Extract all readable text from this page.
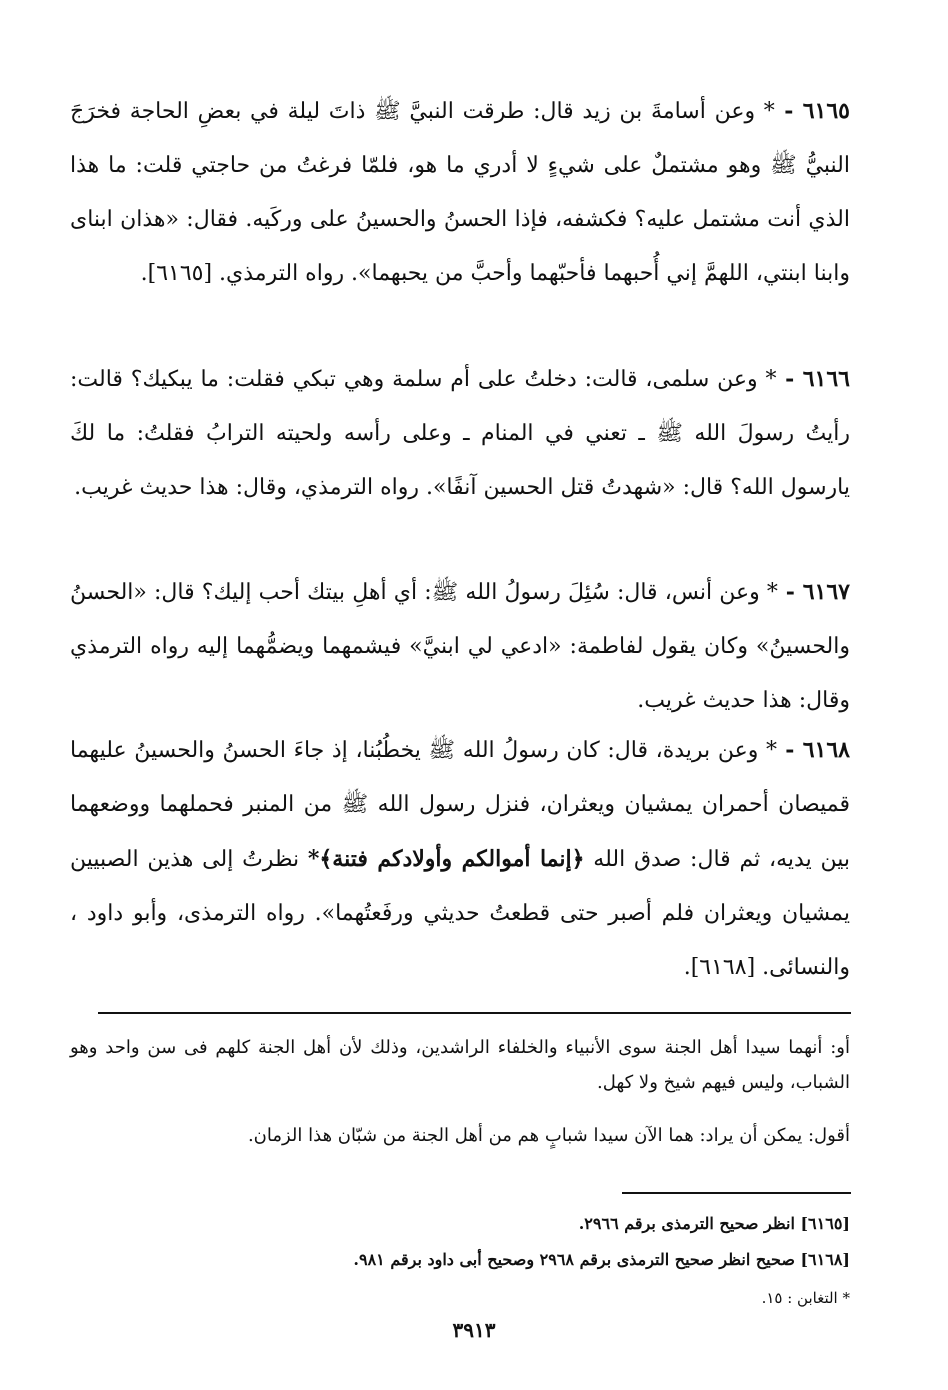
٦١٦٥ - * وعن أسامةَ بن زيد قال: طرقت النبيَّ ﷺ ذاتَ ليلة في بعضِ الحاجة فخرَجَ النبيُّ ﷺ وهو مشتملٌ على شيءٍ لا أدري ما هو، فلمّا فرغتُ من حاجتي قلت: ما هذا الذي أنت مشتمل عليه؟ فكشفه، فإذا الحسنُ والحسينُ على وركَيه. فقال: «هذان ابناى وابنا ابنتي، اللهمَّ إني أُحبهما فأحبّهما وأحبَّ من يحبهما». رواه الترمذي. [٦١٦٥].

٦١٦٦ - * وعن سلمى، قالت: دخلتُ على أم سلمة وهي تبكي فقلت: ما يبكيك؟ قالت: رأيتُ رسولَ الله ﷺ ـ تعني في المنام ـ وعلى رأسه ولحيته الترابُ فقلتُ: ما لكَ يارسول الله؟ قال: «شهدتُ قتل الحسين آنفًا». رواه الترمذي، وقال: هذا حديث غريب.

٦١٦٧ - * وعن أنس، قال: سُئِلَ رسولُ الله ﷺ: أي أهلِ بيتك أحب إليك؟ قال: «الحسنُ والحسينُ» وكان يقول لفاطمة: «ادعي لي ابنيَّ» فيشمهما ويضمُّهما إليه رواه الترمذي وقال: هذا حديث غريب.

٦١٦٨ - * وعن بريدة، قال: كان رسولُ الله ﷺ يخطُبُنا، إذ جاءَ الحسنُ والحسينُ عليهما قميصان أحمران يمشيان ويعثران، فنزل رسول الله ﷺ من المنبر فحملهما ووضعهما بين يديه، ثم قال: صدق الله ﴿إنما أموالكم وأولادكم فتنة﴾* نظرتُ إلى هذين الصبيين يمشيان ويعثران فلم أصبر حتى قطعتُ حديثي ورفَعتُهما». رواه الترمذى، وأبو داود ، والنسائى. [٦١٦٨].

أو: أنهما سيدا أهل الجنة سوى الأنبياء والخلفاء الراشدين، وذلك لأن أهل الجنة كلهم فى سن واحد وهو الشباب، وليس فيهم شيخ ولا كهل.

أقول: يمكن أن يراد: هما الآن سيدا شبابٍ هم من أهل الجنة من شبّان هذا الزمان.

[٦١٦٥] انظر صحيح الترمذى برقم ٢٩٦٦.

[٦١٦٨] صحيح انظر صحيح الترمذى برقم ٢٩٦٨ وصحيح أبى داود برقم ٩٨١.

* التغابن : ١٥.

٣٩١٣
